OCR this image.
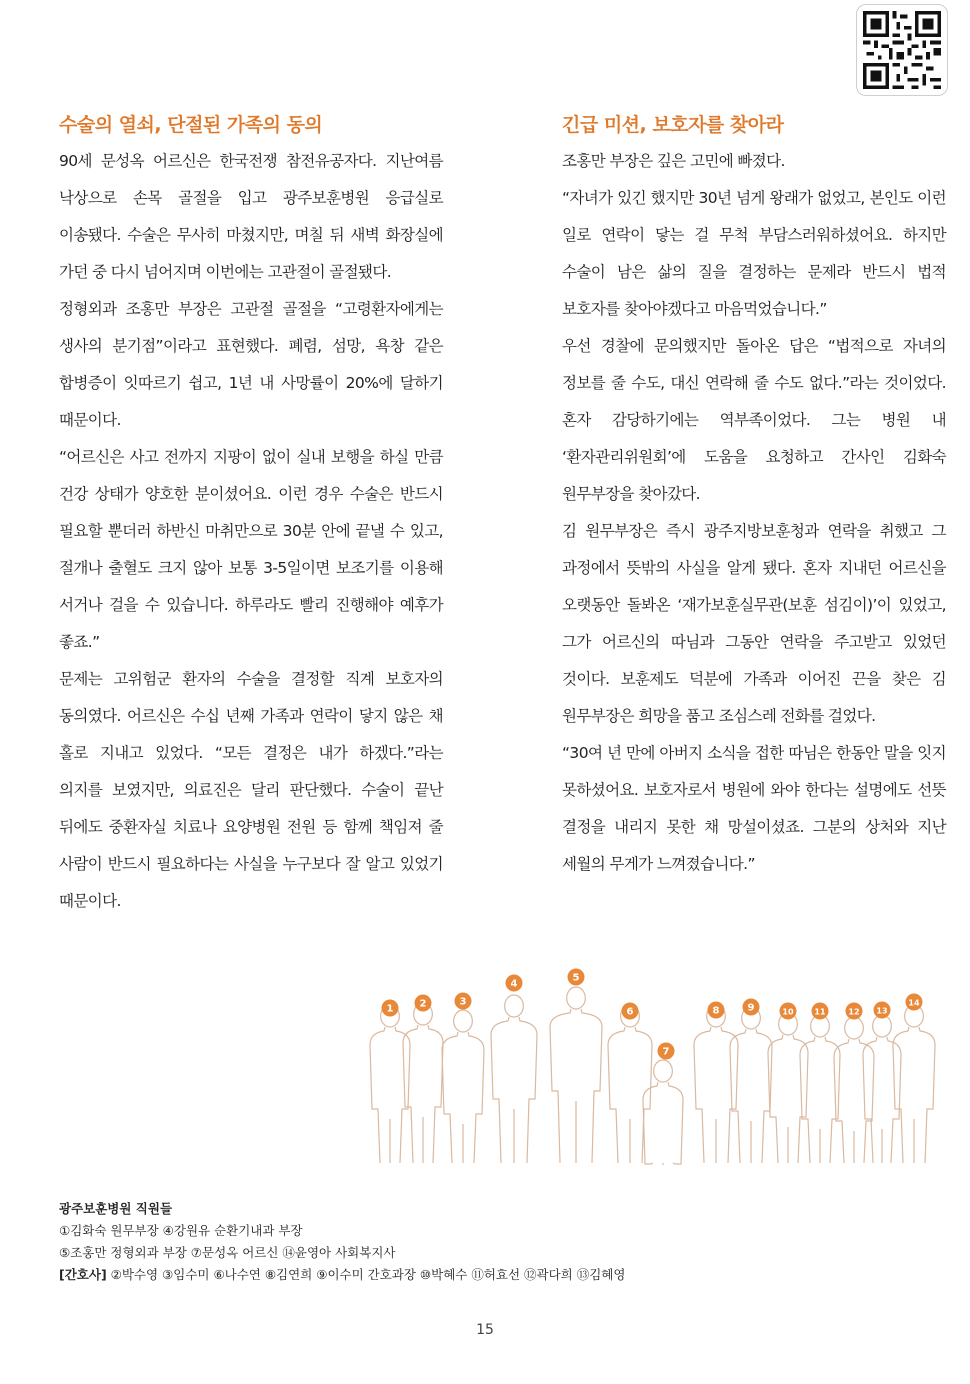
수술의 열쇠, 단절된 가족의 동의

90세 문성옥 어르신은 한국전쟁 참전유공자다. 지난여름 낙상으로 손목 골절을 입고 광주보훈병원 응급실로 이송됐다. 수술은 무사히 마쳤지만, 며칠 뒤 새벽 화장실에 가던 중 다시 넘어지며 이번에는 고관절이 골절됐다.

정형외과 조홍만 부장은 고관절 골절을 “고령환자에게는 생사의 분기점”이라고 표현했다. 폐렴, 섬망, 욕창 같은 합병증이 잇따르기 쉽고, 1년 내 사망률이 20%에 달하기 때문이다.

“어르신은 사고 전까지 지팡이 없이 실내 보행을 하실 만큼 건강 상태가 양호한 분이셨어요. 이런 경우 수술은 반드시 필요할 뿐더러 하반신 마취만으로 30분 안에 끝낼 수 있고, 절개나 출혈도 크지 않아 보통 3-5일이면 보조기를 이용해 서거나 걸을 수 있습니다. 하루라도 빨리 진행해야 예후가 좋죠.”

문제는 고위험군 환자의 수술을 결정할 직계 보호자의 동의였다. 어르신은 수십 년째 가족과 연락이 닿지 않은 채 홀로 지내고 있었다. “모든 결정은 내가 하겠다.”라는 의지를 보였지만, 의료진은 달리 판단했다. 수술이 끝난 뒤에도 중환자실 치료나 요양병원 전원 등 함께 책임져 줄 사람이 반드시 필요하다는 사실을 누구보다 잘 알고 있었기 때문이다.

긴급 미션, 보호자를 찾아라

조홍만 부장은 깊은 고민에 빠졌다.

“자녀가 있긴 했지만 30년 넘게 왕래가 없었고, 본인도 이런 일로 연락이 닿는 걸 무척 부담스러워하셨어요. 하지만 수술이 남은 삶의 질을 결정하는 문제라 반드시 법적 보호자를 찾아야겠다고 마음먹었습니다.”

우선 경찰에 문의했지만 돌아온 답은 “법적으로 자녀의 정보를 줄 수도, 대신 연락해 줄 수도 없다.”라는 것이었다. 혼자 감당하기에는 역부족이었다. 그는 병원 내 ‘환자관리위원회’에 도움을 요청하고 간사인 김화숙 원무부장을 찾아갔다.

김 원무부장은 즉시 광주지방보훈청과 연락을 취했고 그 과정에서 뜻밖의 사실을 알게 됐다. 혼자 지내던 어르신을 오랫동안 돌봐온 ‘재가보훈실무관(보훈 섬김이)’이 있었고, 그가 어르신의 따님과 그동안 연락을 주고받고 있었던 것이다. 보훈제도 덕분에 가족과 이어진 끈을 찾은 김 원무부장은 희망을 품고 조심스레 전화를 걸었다.

“30여 년 만에 아버지 소식을 접한 따님은 한동안 말을 잇지 못하셨어요. 보호자로서 병원에 와야 한다는 설명에도 선뜻 결정을 내리지 못한 채 망설이셨죠. 그분의 상처와 지난 세월의 무게가 느껴졌습니다.”

1	2	3
4
5
6
7
8	9	10	11	12 13
14
광주보훈병원 직원들
①김화숙 원무부장 ④강원유 순환기내과 부장
⑤조홍만 정형외과 부장 ⑦문성옥 어르신 ⑭윤영아 사회복지사
[간호사] ②박수영 ③임수미 ⑥나수연 ⑧김연희 ⑨이수미 간호과장 ⑩박혜수 ⑪허효선 ⑫곽다희 ⑬김혜영
15
